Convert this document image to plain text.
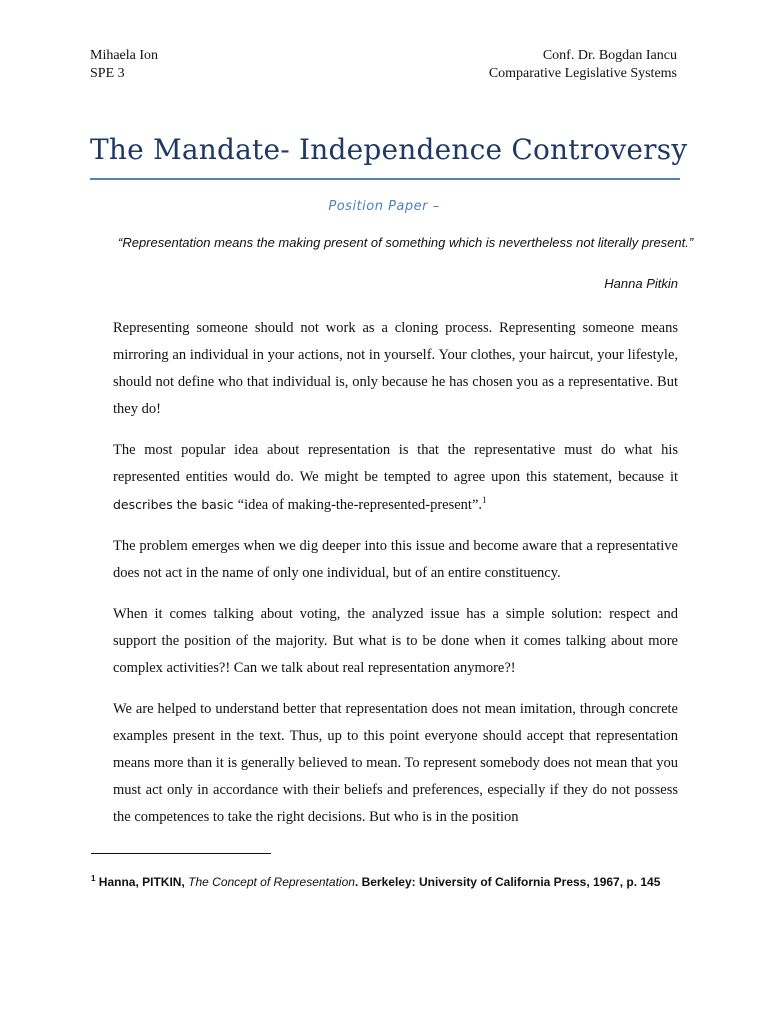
Mihaela Ion
SPE 3
Conf. Dr. Bogdan Iancu
Comparative Legislative Systems
The Mandate- Independence Controversy
Position Paper –
“Representation means the making present of something which is nevertheless not literally present.”
Hanna Pitkin

Representing someone should not work as a cloning process. Representing someone means mirroring an individual in your actions, not in yourself. Your clothes, your haircut, your lifestyle, should not define who that individual is, only because he has chosen you as a representative. But they do!

The most popular idea about representation is that the representative must do what his represented entities would do. We might be tempted to agree upon this statement, because it describes the basic “idea of making-the-represented-present”.$^1$

The problem emerges when we dig deeper into this issue and become aware that a representative does not act in the name of only one individual, but of an entire constituency.

When it comes talking about voting, the analyzed issue has a simple solution: respect and support the position of the majority. But what is to be done when it comes talking about more complex activities?! Can we talk about real representation anymore?!

We are helped to understand better that representation does not mean imitation, through concrete examples present in the text. Thus, up to this point everyone should accept that representation means more than it is generally believed to mean. To represent somebody does not mean that you must act only in accordance with their beliefs and preferences, especially if they do not possess the competences to take the right decisions. But who is in the position

$^1$ Hanna, PITKIN, The Concept of Representation. Berkeley: University of California Press, 1967, p. 145
